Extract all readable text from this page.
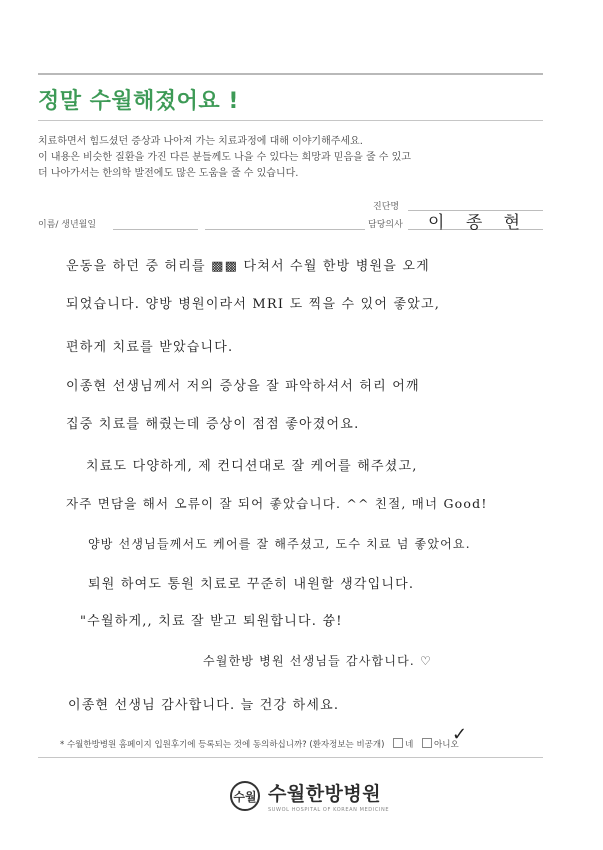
정말 수월해졌어요 !
치료하면서 힘드셨던 증상과 나아져 가는 치료과정에 대해 이야기해주세요.
이 내용은 비슷한 질환을 가진 다른 분들께도 나을 수 있다는 희망과 믿음을 줄 수 있고
더 나아가서는 한의학 발전에도 많은 도움을 줄 수 있습니다.
진단명
이름/ 생년월일	담당의사 이 종 현
운동을 하던 중 허리를 ▩▩ 다쳐서 수월 한방 병원을 오게
되었습니다. 양방 병원이라서 MRI 도 찍을 수 있어 좋았고,
편하게 치료를 받았습니다.
이종현 선생님께서 저의 증상을 잘 파악하셔서 허리 어깨
집중 치료를 해줬는데 증상이 점점 좋아졌어요.
치료도 다양하게, 제 컨디션대로 잘 케어를 해주셨고,
자주 면담을 해서 오류이 잘 되어 좋았습니다. ^^ 친절, 매너 Good!
양방 선생님들께서도 케어를 잘 해주셨고, 도수 치료 넘 좋았어요.
퇴원 하여도 통원 치료로 꾸준히 내원할 생각입니다.
"수월하게,, 치료 잘 받고 퇴원합니다. 쓩!
수월한방 병원 선생님들 감사합니다. ♡
이종현 선생님 감사합니다. 늘 건강 하세요.
✓
* 수월한방병원 홈페이지 입원후기에 등록되는 것에 동의하십니까? (환자정보는 비공개) 네 아니오
수월 수월한방병원
SUWOL HOSPITAL OF KOREAN MEDICINE
